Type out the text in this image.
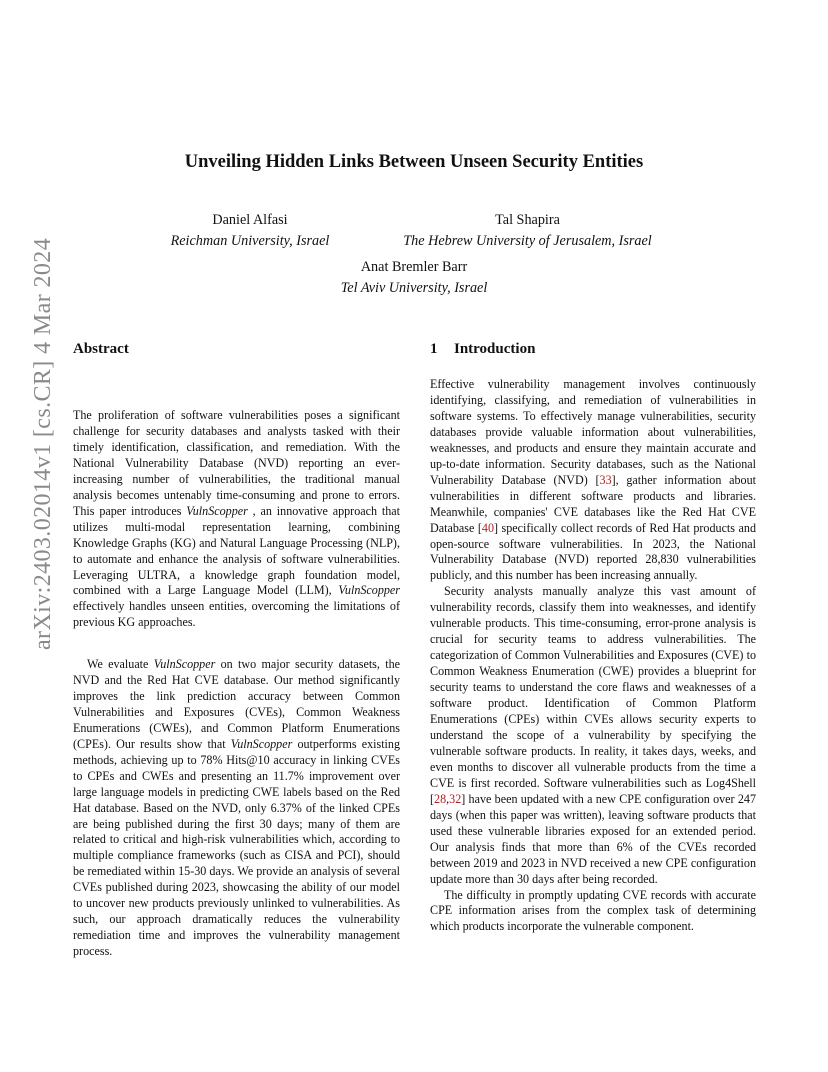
arXiv:2403.02014v1 [cs.CR] 4 Mar 2024
Unveiling Hidden Links Between Unseen Security Entities
Daniel Alfasi
Reichman University, Israel
Tal Shapira
The Hebrew University of Jerusalem, Israel
Anat Bremler Barr
Tel Aviv University, Israel
Abstract

The proliferation of software vulnerabilities poses a significant challenge for security databases and analysts tasked with their timely identification, classification, and remediation. With the National Vulnerability Database (NVD) reporting an ever-increasing number of vulnerabilities, the traditional manual analysis becomes untenably time-consuming and prone to errors. This paper introduces VulnScopper , an innovative approach that utilizes multi-modal representation learning, combining Knowledge Graphs (KG) and Natural Language Processing (NLP), to automate and enhance the analysis of software vulnerabilities. Leveraging ULTRA, a knowledge graph foundation model, combined with a Large Language Model (LLM), VulnScopper effectively handles unseen entities, overcoming the limitations of previous KG approaches.

We evaluate VulnScopper on two major security datasets, the NVD and the Red Hat CVE database. Our method significantly improves the link prediction accuracy between Common Vulnerabilities and Exposures (CVEs), Common Weakness Enumerations (CWEs), and Common Platform Enumerations (CPEs). Our results show that VulnScopper outperforms existing methods, achieving up to 78% Hits@10 accuracy in linking CVEs to CPEs and CWEs and presenting an 11.7% improvement over large language models in predicting CWE labels based on the Red Hat database. Based on the NVD, only 6.37% of the linked CPEs are being published during the first 30 days; many of them are related to critical and high-risk vulnerabilities which, according to multiple compliance frameworks (such as CISA and PCI), should be remediated within 15-30 days. We provide an analysis of several CVEs published during 2023, showcasing the ability of our model to uncover new products previously unlinked to vulnerabilities. As such, our approach dramatically reduces the vulnerability remediation time and improves the vulnerability management process.

1 Introduction

Effective vulnerability management involves continuously identifying, classifying, and remediation of vulnerabilities in software systems. To effectively manage vulnerabilities, security databases provide valuable information about vulnerabilities, weaknesses, and products and ensure they maintain accurate and up-to-date information. Security databases, such as the National Vulnerability Database (NVD) [33], gather information about vulnerabilities in different software products and libraries. Meanwhile, companies' CVE databases like the Red Hat CVE Database [40] specifically collect records of Red Hat products and open-source software vulnerabilities. In 2023, the National Vulnerability Database (NVD) reported 28,830 vulnerabilities publicly, and this number has been increasing annually.

Security analysts manually analyze this vast amount of vulnerability records, classify them into weaknesses, and identify vulnerable products. This time-consuming, error-prone analysis is crucial for security teams to address vulnerabilities. The categorization of Common Vulnerabilities and Exposures (CVE) to Common Weakness Enumeration (CWE) provides a blueprint for security teams to understand the core flaws and weaknesses of a software product. Identification of Common Platform Enumerations (CPEs) within CVEs allows security experts to understand the scope of a vulnerability by specifying the vulnerable software products. In reality, it takes days, weeks, and even months to discover all vulnerable products from the time a CVE is first recorded. Software vulnerabilities such as Log4Shell [28,32] have been updated with a new CPE configuration over 247 days (when this paper was written), leaving software products that used these vulnerable libraries exposed for an extended period. Our analysis finds that more than 6% of the CVEs recorded between 2019 and 2023 in NVD received a new CPE configuration update more than 30 days after being recorded.

The difficulty in promptly updating CVE records with accurate CPE information arises from the complex task of determining which products incorporate the vulnerable component.
